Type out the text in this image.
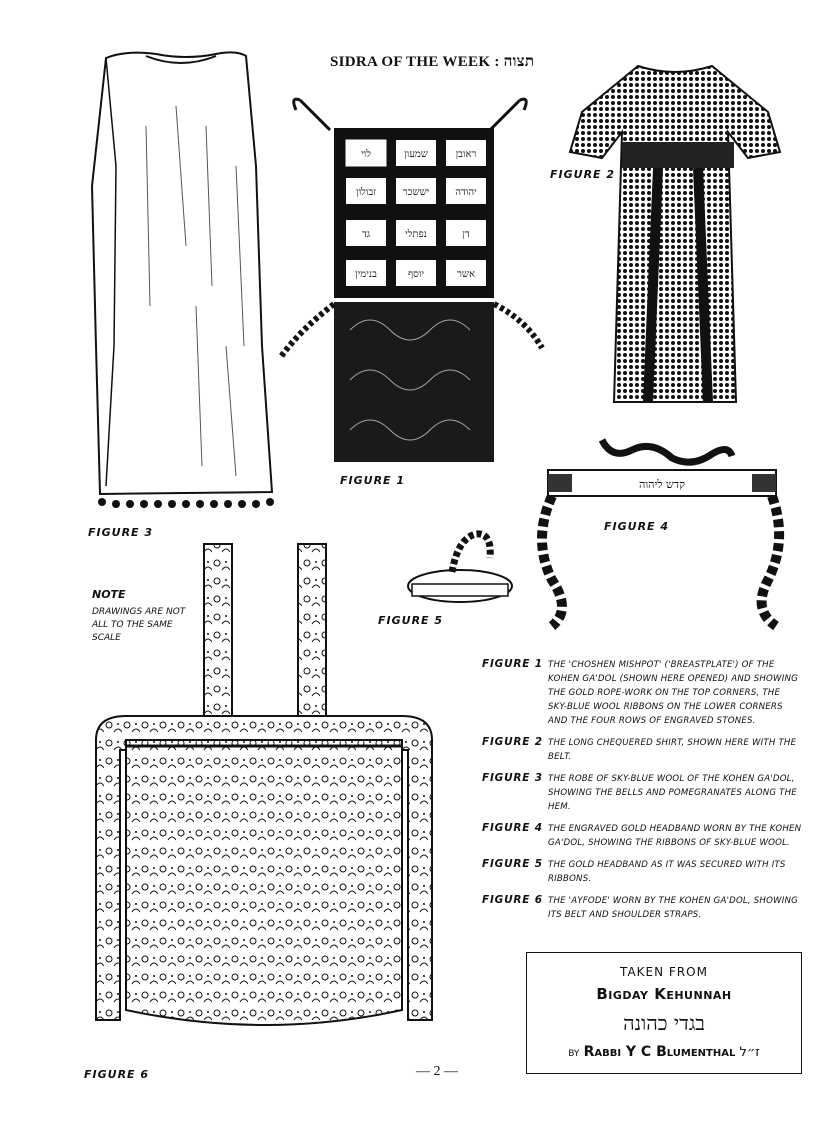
SIDRA OF THE WEEK : תצוה
לוי	שמעון	ראובן
זבולון	יששכר	יהודה
גד	נפתלי	דן
בנימין	יוסף	אשר
קדש ליהוה
FIGURE 2
FIGURE 1
FIGURE 3	FIGURE 4
FIGURE 5
FIGURE 6
NOTE
DRAWINGS ARE NOT ALL TO THE SAME SCALE
FIGURE 1 THE 'CHOSHEN MISHPOT' ('BREASTPLATE') OF THE KOHEN GA'DOL (SHOWN HERE OPENED) AND SHOWING THE GOLD ROPE-WORK ON THE TOP CORNERS, THE SKY-BLUE WOOL RIBBONS ON THE LOWER CORNERS AND THE FOUR ROWS OF ENGRAVED STONES.
FIGURE 2 THE LONG CHEQUERED SHIRT, SHOWN HERE WITH THE BELT.
FIGURE 3 THE ROBE OF SKY-BLUE WOOL OF THE KOHEN GA'DOL, SHOWING THE BELLS AND POMEGRANATES ALONG THE HEM.
FIGURE 4 THE ENGRAVED GOLD HEADBAND WORN BY THE KOHEN GA'DOL, SHOWING THE RIBBONS OF SKY-BLUE WOOL.
FIGURE 5 THE GOLD HEADBAND AS IT WAS SECURED WITH ITS RIBBONS.
FIGURE 6 THE 'AYFODE' WORN BY THE KOHEN GA'DOL, SHOWING ITS BELT AND SHOULDER STRAPS.
TAKEN FROM
Bigday Kehunnah
בגדי כהונה
by Rabbi Y C Blumenthal ז״ל
— 2 —
